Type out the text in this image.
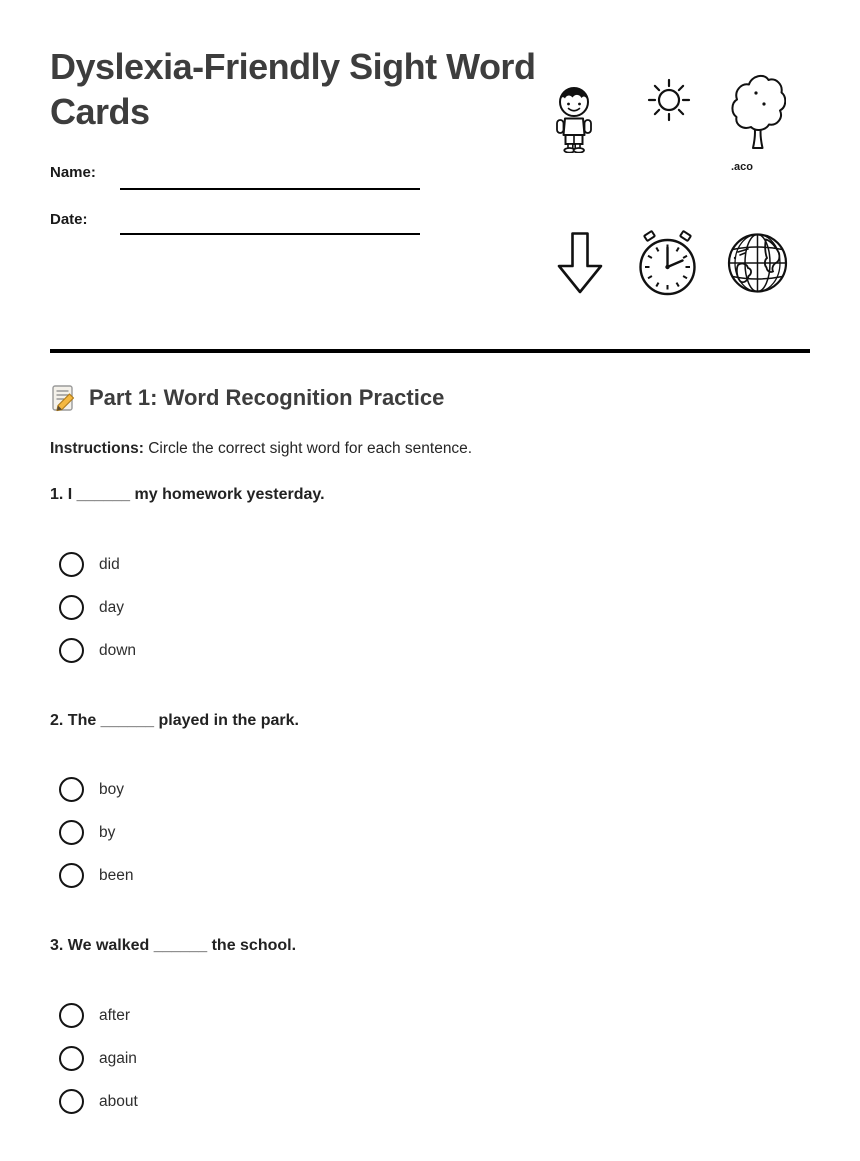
Dyslexia-Friendly Sight Word Cards
Name:
Date:
.aco
Part 1: Word Recognition Practice
Instructions: Circle the correct sight word for each sentence.
1. I ______ my homework yesterday.
did
day
down
2. The ______ played in the park.
boy
by
been
3. We walked ______ the school.
after
again
about
